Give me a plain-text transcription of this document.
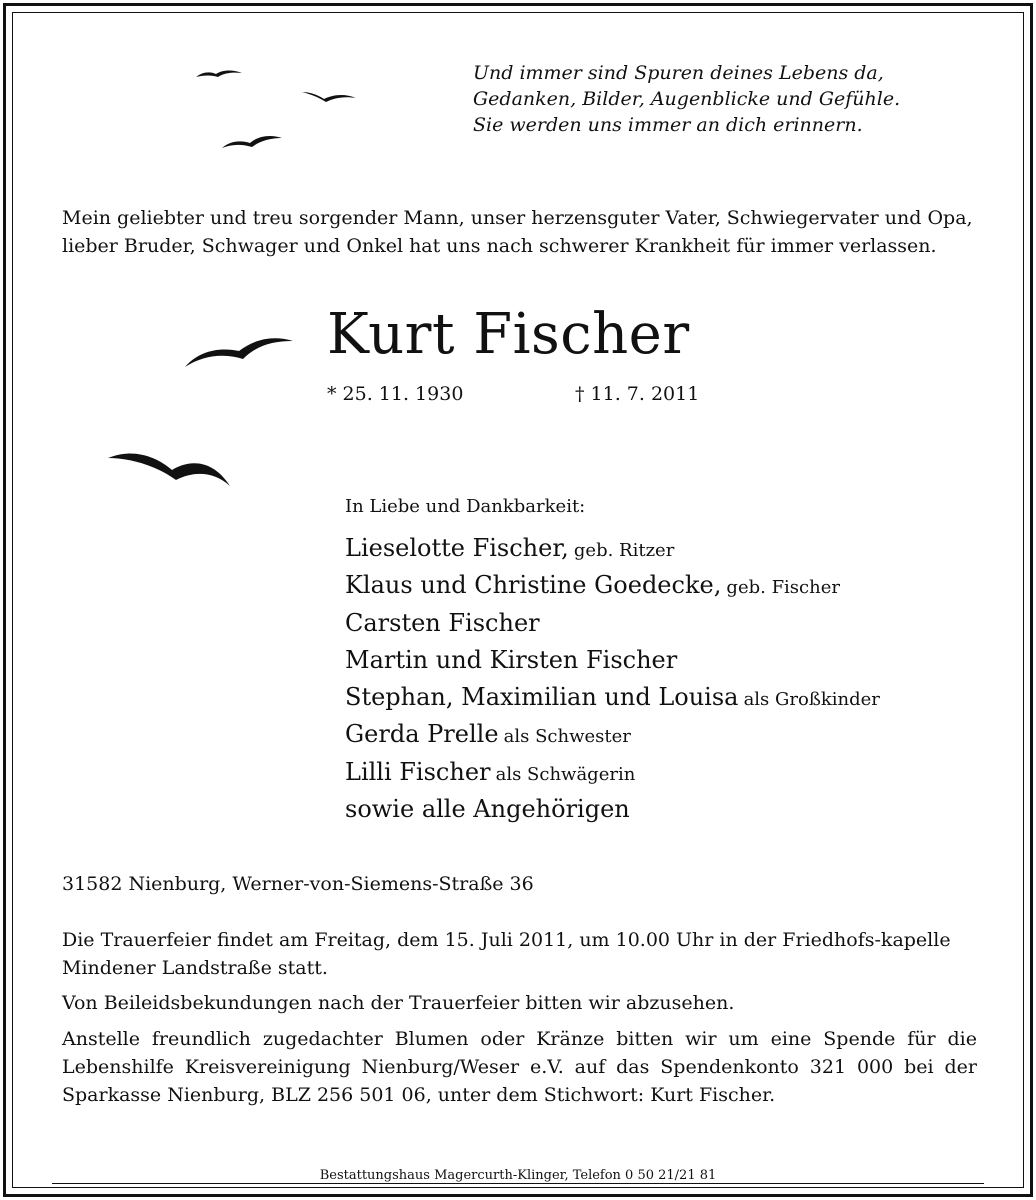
Und immer sind Spuren deines Lebens da,
Gedanken, Bilder, Augenblicke und Gefühle.
Sie werden uns immer an dich erinnern.

Mein geliebter und treu sorgender Mann, unser herzensguter Vater, Schwiegervater und Opa, lieber Bruder, Schwager und Onkel hat uns nach schwerer Krankheit für immer verlassen.

Kurt Fischer
* 25. 11. 1930	† 11. 7. 2011
In Liebe und Dankbarkeit:
Lieselotte Fischer, geb. Ritzer
Klaus und Christine Goedecke, geb. Fischer
Carsten Fischer
Martin und Kirsten Fischer
Stephan, Maximilian und Louisa als Großkinder
Gerda Prelle als Schwester
Lilli Fischer als Schwägerin
sowie alle Angehörigen
31582 Nienburg, Werner-von-Siemens-Straße 36

Die Trauerfeier findet am Freitag, dem 15. Juli 2011, um 10.00 Uhr in der Friedhofs-kapelle Mindener Landstraße statt.

Von Beileidsbekundungen nach der Trauerfeier bitten wir abzusehen.

Anstelle freundlich zugedachter Blumen oder Kränze bitten wir um eine Spende für die Lebenshilfe Kreisvereinigung Nienburg/Weser e.V. auf das Spendenkonto 321 000 bei der Sparkasse Nienburg, BLZ 256 501 06, unter dem Stichwort: Kurt Fischer.

Bestattungshaus Magercurth-Klinger, Telefon 0 50 21/21 81
